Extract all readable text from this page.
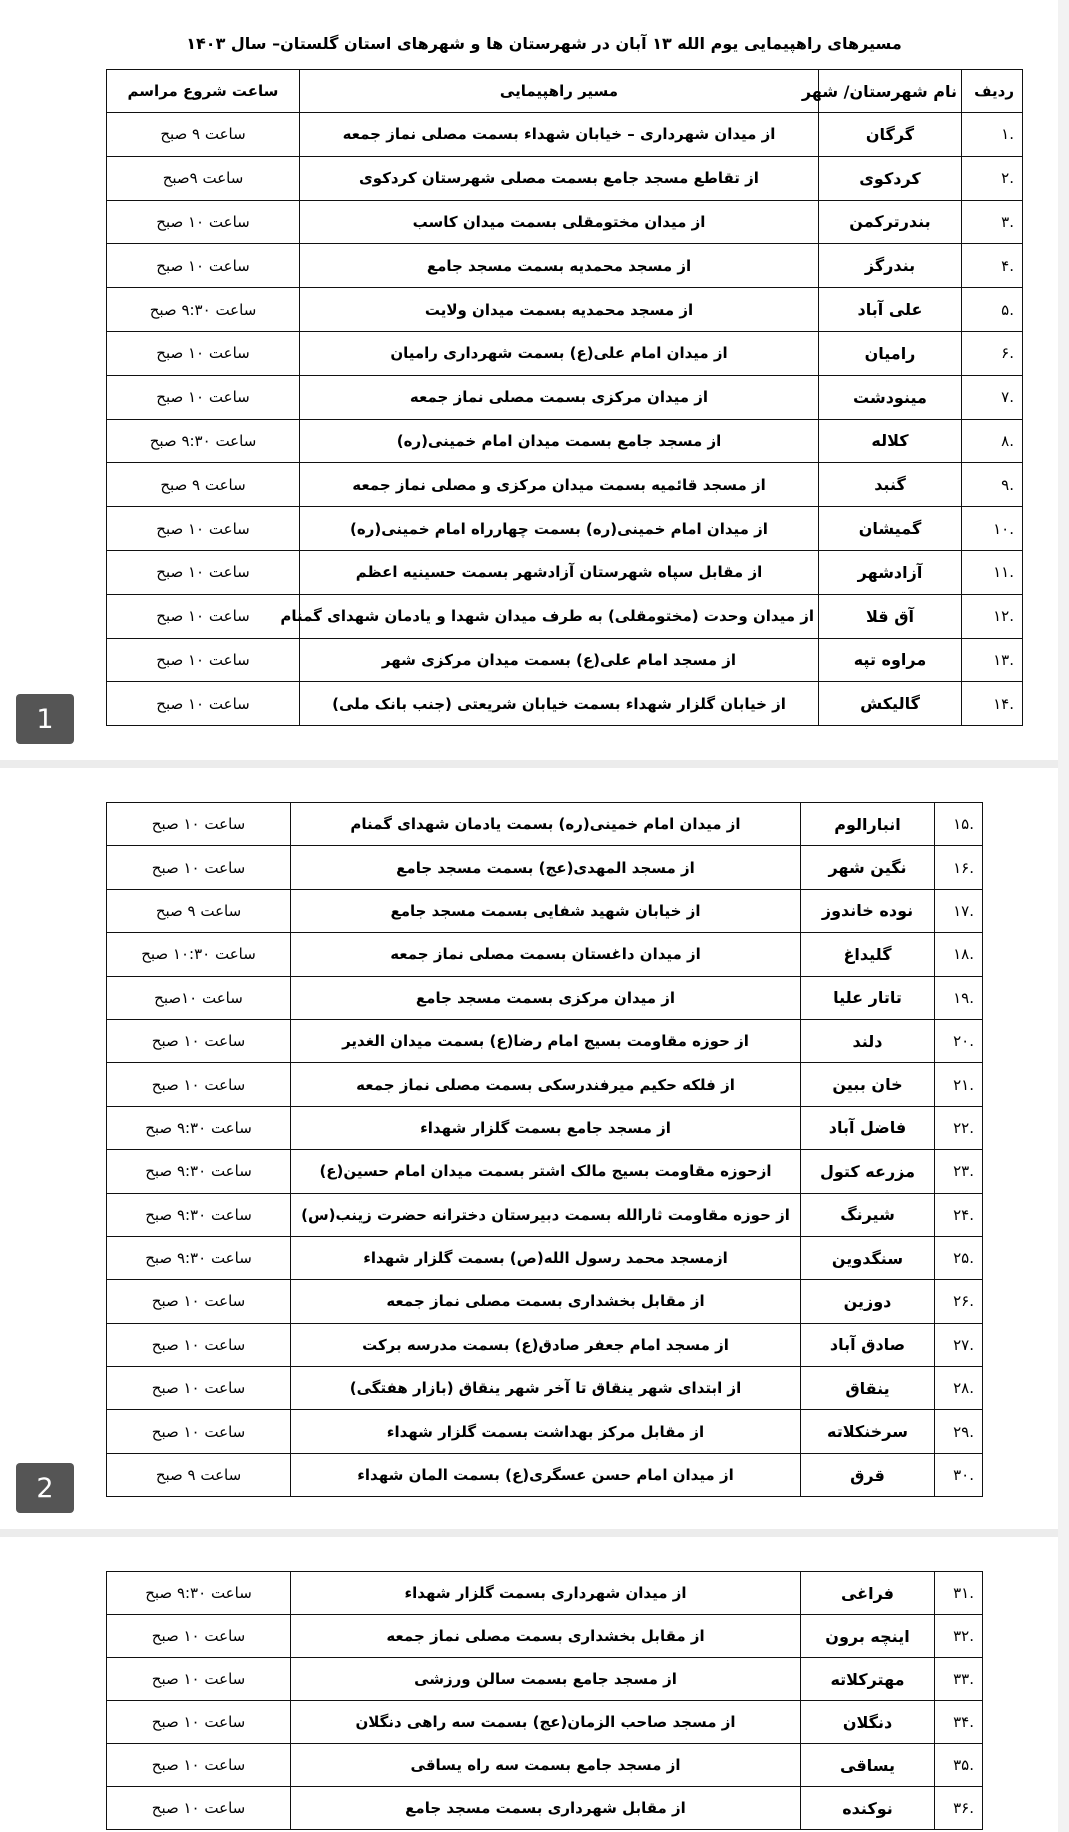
مسیرهای راهپیمایی یوم الله ۱۳ آبان در شهرستان ها و شهرهای استان گلستان– سال ۱۴۰۳
ردیف	نام شهرستان/ شهر	مسیر راهپیمایی	ساعت شروع مراسم
.۱	گرگان	از میدان شهرداری – خیابان شهداء بسمت مصلی نماز جمعه	ساعت ۹ صبح
.۲	کردکوی	از تقاطع مسجد جامع بسمت مصلی شهرستان کردکوی	ساعت ۹صبح
.۳	بندرترکمن	از میدان مختومقلی بسمت میدان کاسب	ساعت ۱۰ صبح
.۴	بندرگز	از مسجد محمدیه بسمت مسجد جامع	ساعت ۱۰ صبح
.۵	علی آباد	از مسجد محمدیه بسمت میدان ولایت	ساعت ۹:۳۰ صبح
.۶	رامیان	از میدان امام علی(ع) بسمت شهرداری رامیان	ساعت ۱۰ صبح
.۷	مینودشت	از میدان مرکزی بسمت مصلی نماز جمعه	ساعت ۱۰ صبح
.۸	کلاله	از مسجد جامع بسمت میدان امام خمینی(ره)	ساعت ۹:۳۰ صبح
.۹	گنبد	از مسجد قائمیه بسمت میدان مرکزی و مصلی نماز جمعه	ساعت ۹ صبح
.۱۰	گمیشان	از میدان امام خمینی(ره) بسمت چهارراه امام خمینی(ره)	ساعت ۱۰ صبح
.۱۱	آزادشهر	از مقابل سپاه شهرستان آزادشهر بسمت حسینیه اعظم	ساعت ۱۰ صبح
.۱۲	آق قلا	از میدان وحدت (مختومقلی) به طرف میدان شهدا و یادمان شهدای گمنام	ساعت ۱۰ صبح
.۱۳	مراوه تپه	از مسجد امام علی(ع) بسمت میدان مرکزی شهر	ساعت ۱۰ صبح
.۱۴	گالیکش	از خیابان گلزار شهداء بسمت خیابان شریعتی (جنب بانک ملی)	ساعت ۱۰ صبح
1
.۱۵	انبارالوم	از میدان امام خمینی(ره) بسمت یادمان شهدای گمنام	ساعت ۱۰ صبح
.۱۶	نگین شهر	از مسجد المهدی(عج) بسمت مسجد جامع	ساعت ۱۰ صبح
.۱۷	نوده خاندوز	از خیابان شهید شفایی بسمت مسجد جامع	ساعت ۹ صبح
.۱۸	گلیداغ	از میدان داغستان بسمت مصلی نماز جمعه	ساعت ۱۰:۳۰ صبح
.۱۹	تاتار علیا	از میدان مرکزی بسمت مسجد جامع	ساعت ۱۰صبح
.۲۰	دلند	از حوزه مقاومت بسیج امام رضا(ع) بسمت میدان الغدیر	ساعت ۱۰ صبح
.۲۱	خان ببین	از فلکه حکیم میرفندرسکی بسمت مصلی نماز جمعه	ساعت ۱۰ صبح
.۲۲	فاضل آباد	از مسجد جامع بسمت گلزار شهداء	ساعت ۹:۳۰ صبح
.۲۳	مزرعه کتول	ازحوزه مقاومت بسیج مالک اشتر بسمت میدان امام حسین(ع)	ساعت ۹:۳۰ صبح
.۲۴	شیرنگ	از حوزه مقاومت ثارالله بسمت دبیرستان دخترانه حضرت زینب(س)	ساعت ۹:۳۰ صبح
.۲۵	سنگدوین	ازمسجد محمد رسول الله(ص) بسمت گلزار شهداء	ساعت ۹:۳۰ صبح
.۲۶	دوزین	از مقابل بخشداری بسمت مصلی نماز جمعه	ساعت ۱۰ صبح
.۲۷	صادق آباد	از مسجد امام جعفر صادق(ع) بسمت مدرسه برکت	ساعت ۱۰ صبح
.۲۸	ینقاق	از ابتدای شهر ینقاق تا آخر شهر ینقاق (بازار هفتگی)	ساعت ۱۰ صبح
.۲۹	سرخنکلاته	از مقابل مرکز بهداشت بسمت گلزار شهداء	ساعت ۱۰ صبح
.۳۰	قرق	از میدان امام حسن عسگری(ع) بسمت المان شهداء	ساعت ۹ صبح
2
.۳۱	فراغی	از میدان شهرداری بسمت گلزار شهداء	ساعت ۹:۳۰ صبح
.۳۲	اینچه برون	از مقابل بخشداری بسمت مصلی نماز جمعه	ساعت ۱۰ صبح
.۳۳	مهترکلاته	از مسجد جامع بسمت سالن ورزشی	ساعت ۱۰ صبح
.۳۴	دنگلان	از مسجد صاحب الزمان(عج) بسمت سه راهی دنگلان	ساعت ۱۰ صبح
.۳۵	یساقی	از مسجد جامع بسمت سه راه یساقی	ساعت ۱۰ صبح
.۳۶	نوکنده	از مقابل شهرداری بسمت مسجد جامع	ساعت ۱۰ صبح
